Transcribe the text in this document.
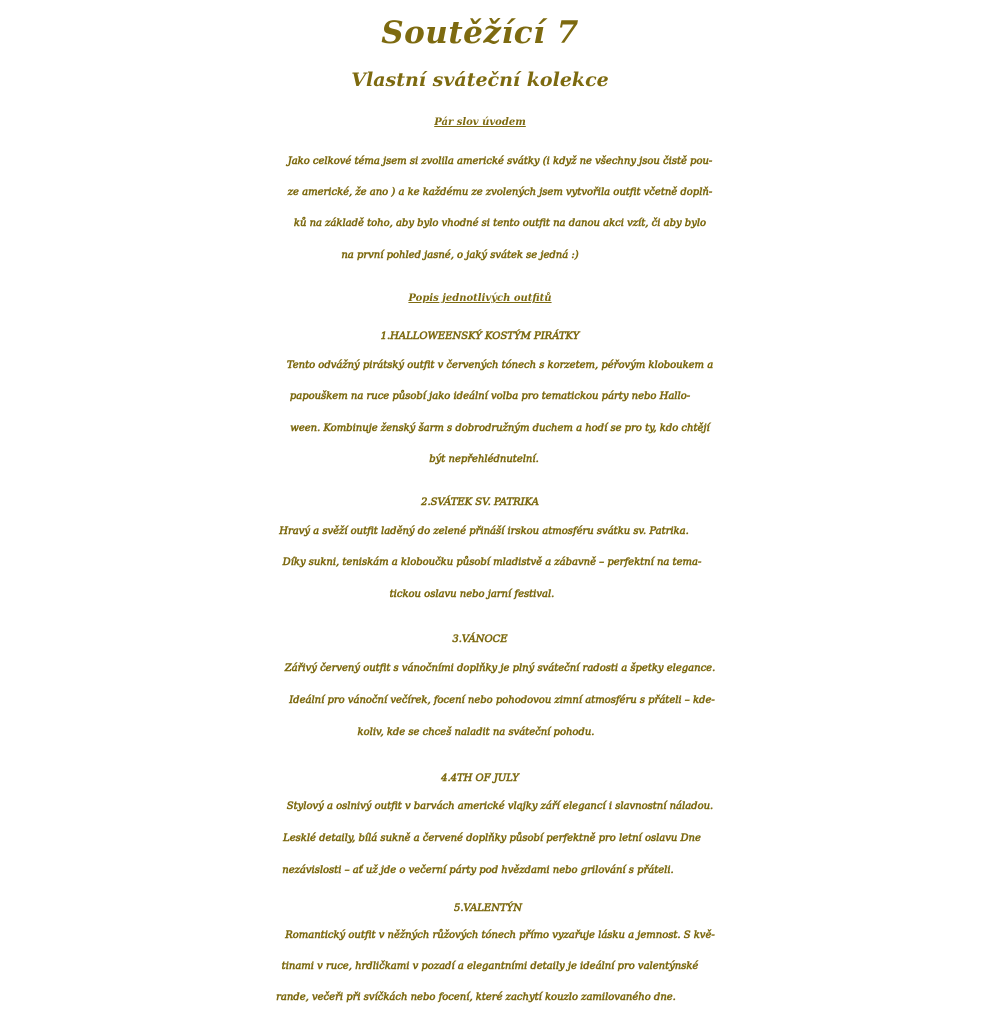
Soutěžící 7
Vlastní sváteční kolekce
Pár slov úvodem
Jako celkové téma jsem si zvolila americké svátky (i když ne všechny jsou čistě pou-
ze americké, že ano ) a ke každému ze zvolených jsem vytvořila outfit včetně doplň-
ků na základě toho, aby bylo vhodné si tento outfit na danou akci vzít, či aby bylo
na první pohled jasné, o jaký svátek se jedná :)
Popis jednotlivých outfitů
1.HALLOWEENSKÝ KOSTÝM PIRÁTKY
Tento odvážný pirátský outfit v červených tónech s korzetem, péřovým kloboukem a
papouškem na ruce působí jako ideální volba pro tematickou párty nebo Hallo-
ween. Kombinuje ženský šarm s dobrodružným duchem a hodí se pro ty, kdo chtějí
být nepřehlédnutelní.
2.SVÁTEK SV. PATRIKA
Hravý a svěží outfit laděný do zelené přináší irskou atmosféru svátku sv. Patrika.
Díky sukni, teniskám a kloboučku působí mladistvě a zábavně – perfektní na tema-
tickou oslavu nebo jarní festival.
3.VÁNOCE
Zářivý červený outfit s vánočními doplňky je plný sváteční radosti a špetky elegance.
Ideální pro vánoční večírek, focení nebo pohodovou zimní atmosféru s přáteli – kde-
koliv, kde se chceš naladit na sváteční pohodu.
4.4TH OF JULY
Stylový a oslnivý outfit v barvách americké vlajky září elegancí i slavnostní náladou.
Lesklé detaily, bílá sukně a červené doplňky působí perfektně pro letní oslavu Dne
nezávislosti – ať už jde o večerní párty pod hvězdami nebo grilování s přáteli.
5.VALENTÝN
Romantický outfit v něžných růžových tónech přímo vyzařuje lásku a jemnost. S kvě-
tinami v ruce, hrdličkami v pozadí a elegantními detaily je ideální pro valentýnské
rande, večeři při svíčkách nebo focení, které zachytí kouzlo zamilovaného dne.
